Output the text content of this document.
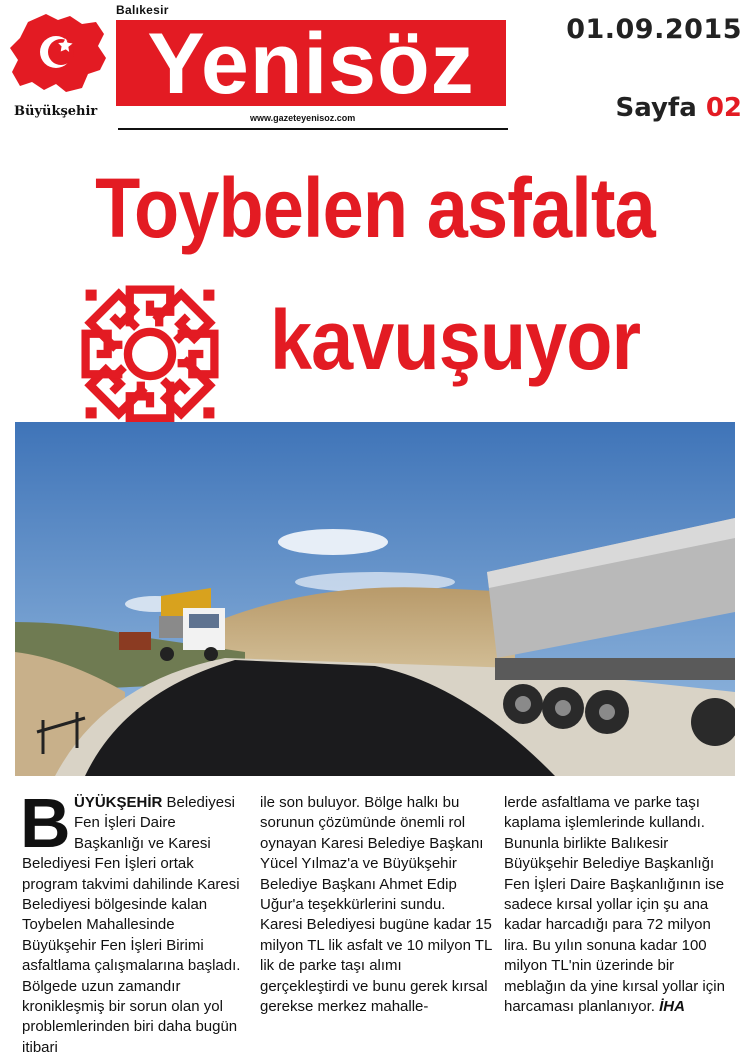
Büyükşehir
Balıkesir
Yenisöz
www.gazeteyenisoz.com
01.09.2015
Sayfa 02
Toybelen asfalta
kavuşuyor
BÜYÜKŞEHİR Belediyesi Fen İşleri Daire Başkanlığı ve Karesi Belediyesi Fen İşleri ortak program takvimi dahilinde Karesi Belediyesi bölgesinde kalan Toybelen Mahallesinde Büyükşehir Fen İşleri Birimi asfaltlama çalışmalarına başladı. Bölgede uzun zamandır kronikleşmiş bir sorun olan yol problemlerinden biri daha bugün itibari
ile son buluyor. Bölge halkı bu sorunun çözümünde önemli rol oynayan Karesi Belediye Başkanı Yücel Yılmaz'a ve Büyükşehir Belediye Başkanı Ahmet Edip Uğur'a teşekkürlerini sundu. Karesi Belediyesi bugüne kadar 15 milyon TL lik asfalt ve 10 milyon TL lik de parke taşı alımı gerçekleştirdi ve bunu gerek kırsal gerekse merkez mahalle-
lerde asfaltlama ve parke taşı kaplama işlemlerinde kullandı. Bununla birlikte Balıkesir Büyükşehir Belediye Başkanlığı Fen İşleri Daire Başkanlığının ise sadece kırsal yollar için şu ana kadar harcadığı para 72 milyon lira. Bu yılın sonuna kadar 100 milyon TL'nin üzerinde bir meblağın da yine kırsal yollar için harcaması planlanıyor. İHA
